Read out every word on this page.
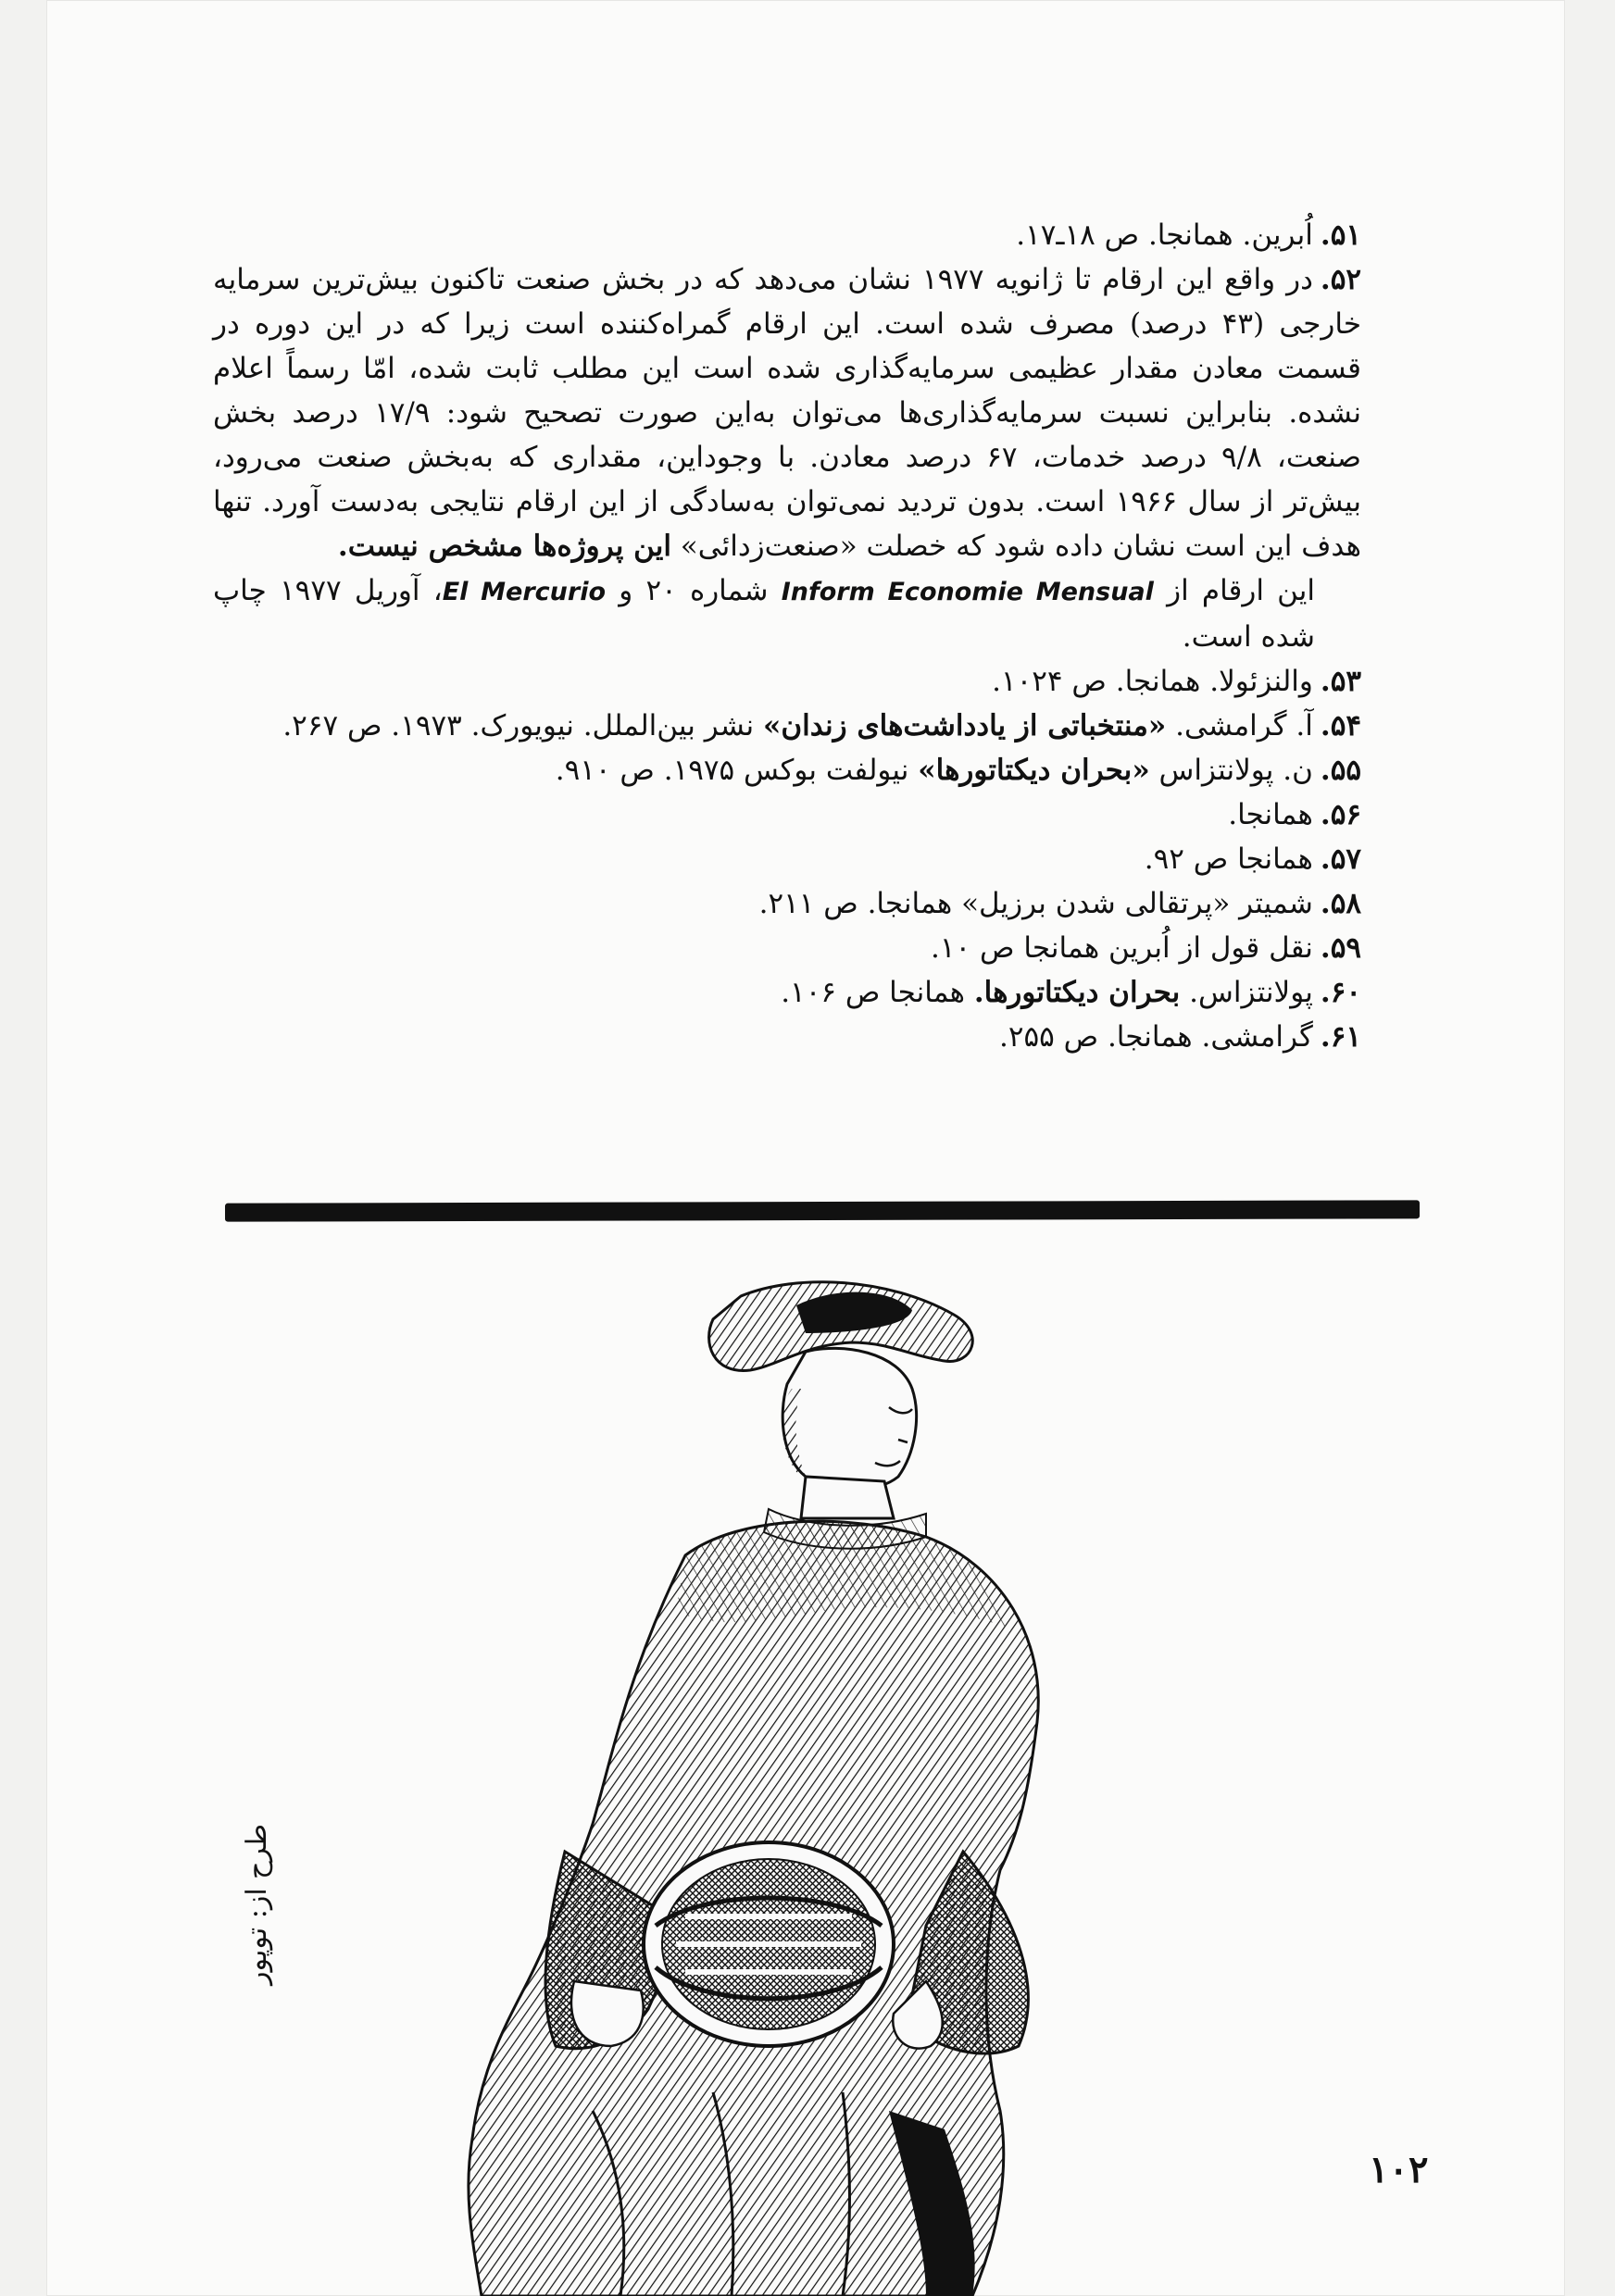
۵۱.اُبرین. همانجا. ص ۱۸ـ۱۷.

۵۲.در واقع این ارقام تا ژانویه ۱۹۷۷ نشان می‌دهد که در بخش صنعت تاکنون بیش‌ترین سرمایه خارجی (۴۳ درصد) مصرف شده است. این ارقام گمراه‌کننده است زیرا که در این دوره در قسمت معادن مقدار عظیمی سرمایه‌گذاری شده است این مطلب ثابت شده، امّا رسماً اعلام نشده. بنابراین نسبت سرمایه‌گذاری‌ها می‌توان به‌این صورت تصحیح شود: ۱۷/۹ درصد بخش صنعت، ۹/۸ درصد خدمات، ۶۷ درصد معادن. با وجوداین، مقداری که به‌بخش صنعت می‌رود، بیش‌تر از سال ۱۹۶۶ است. بدون تردید نمی‌توان به‌سادگی از این ارقام نتایجی به‌دست آورد. تنها هدف این است نشان داده شود که خصلت «صنعت‌زدائی» این پروژه‌ها مشخص نیست.

این ارقام از Inform Economie Mensual شماره ۲۰ و El Mercurio، آوریل ۱۹۷۷ چاپ شده است.

۵۳.والنزئولا. همانجا. ص ۱۰۲۴.

۵۴.آ. گرامشی. «منتخباتی از یادداشت‌های زندان» نشر بین‌الملل. نیویورک. ۱۹۷۳. ص ۲۶۷.

۵۵.ن. پولانتزاس «بحران دیکتاتورها» نیولفت بوکس ۱۹۷۵. ص ۹۱۰.

۵۶.همانجا.

۵۷.همانجا ص ۹۲.

۵۸.شمیتر «پرتقالی شدن برزیل» همانجا. ص ۲۱۱.

۵۹.نقل قول از اُبرین همانجا ص ۱۰.

۶۰.پولانتزاس. بحران دیکتاتورها. همانجا ص ۱۰۶.

۶۱.گرامشی. همانجا. ص ۲۵۵.

طرح از: توپور
۱۰۲
